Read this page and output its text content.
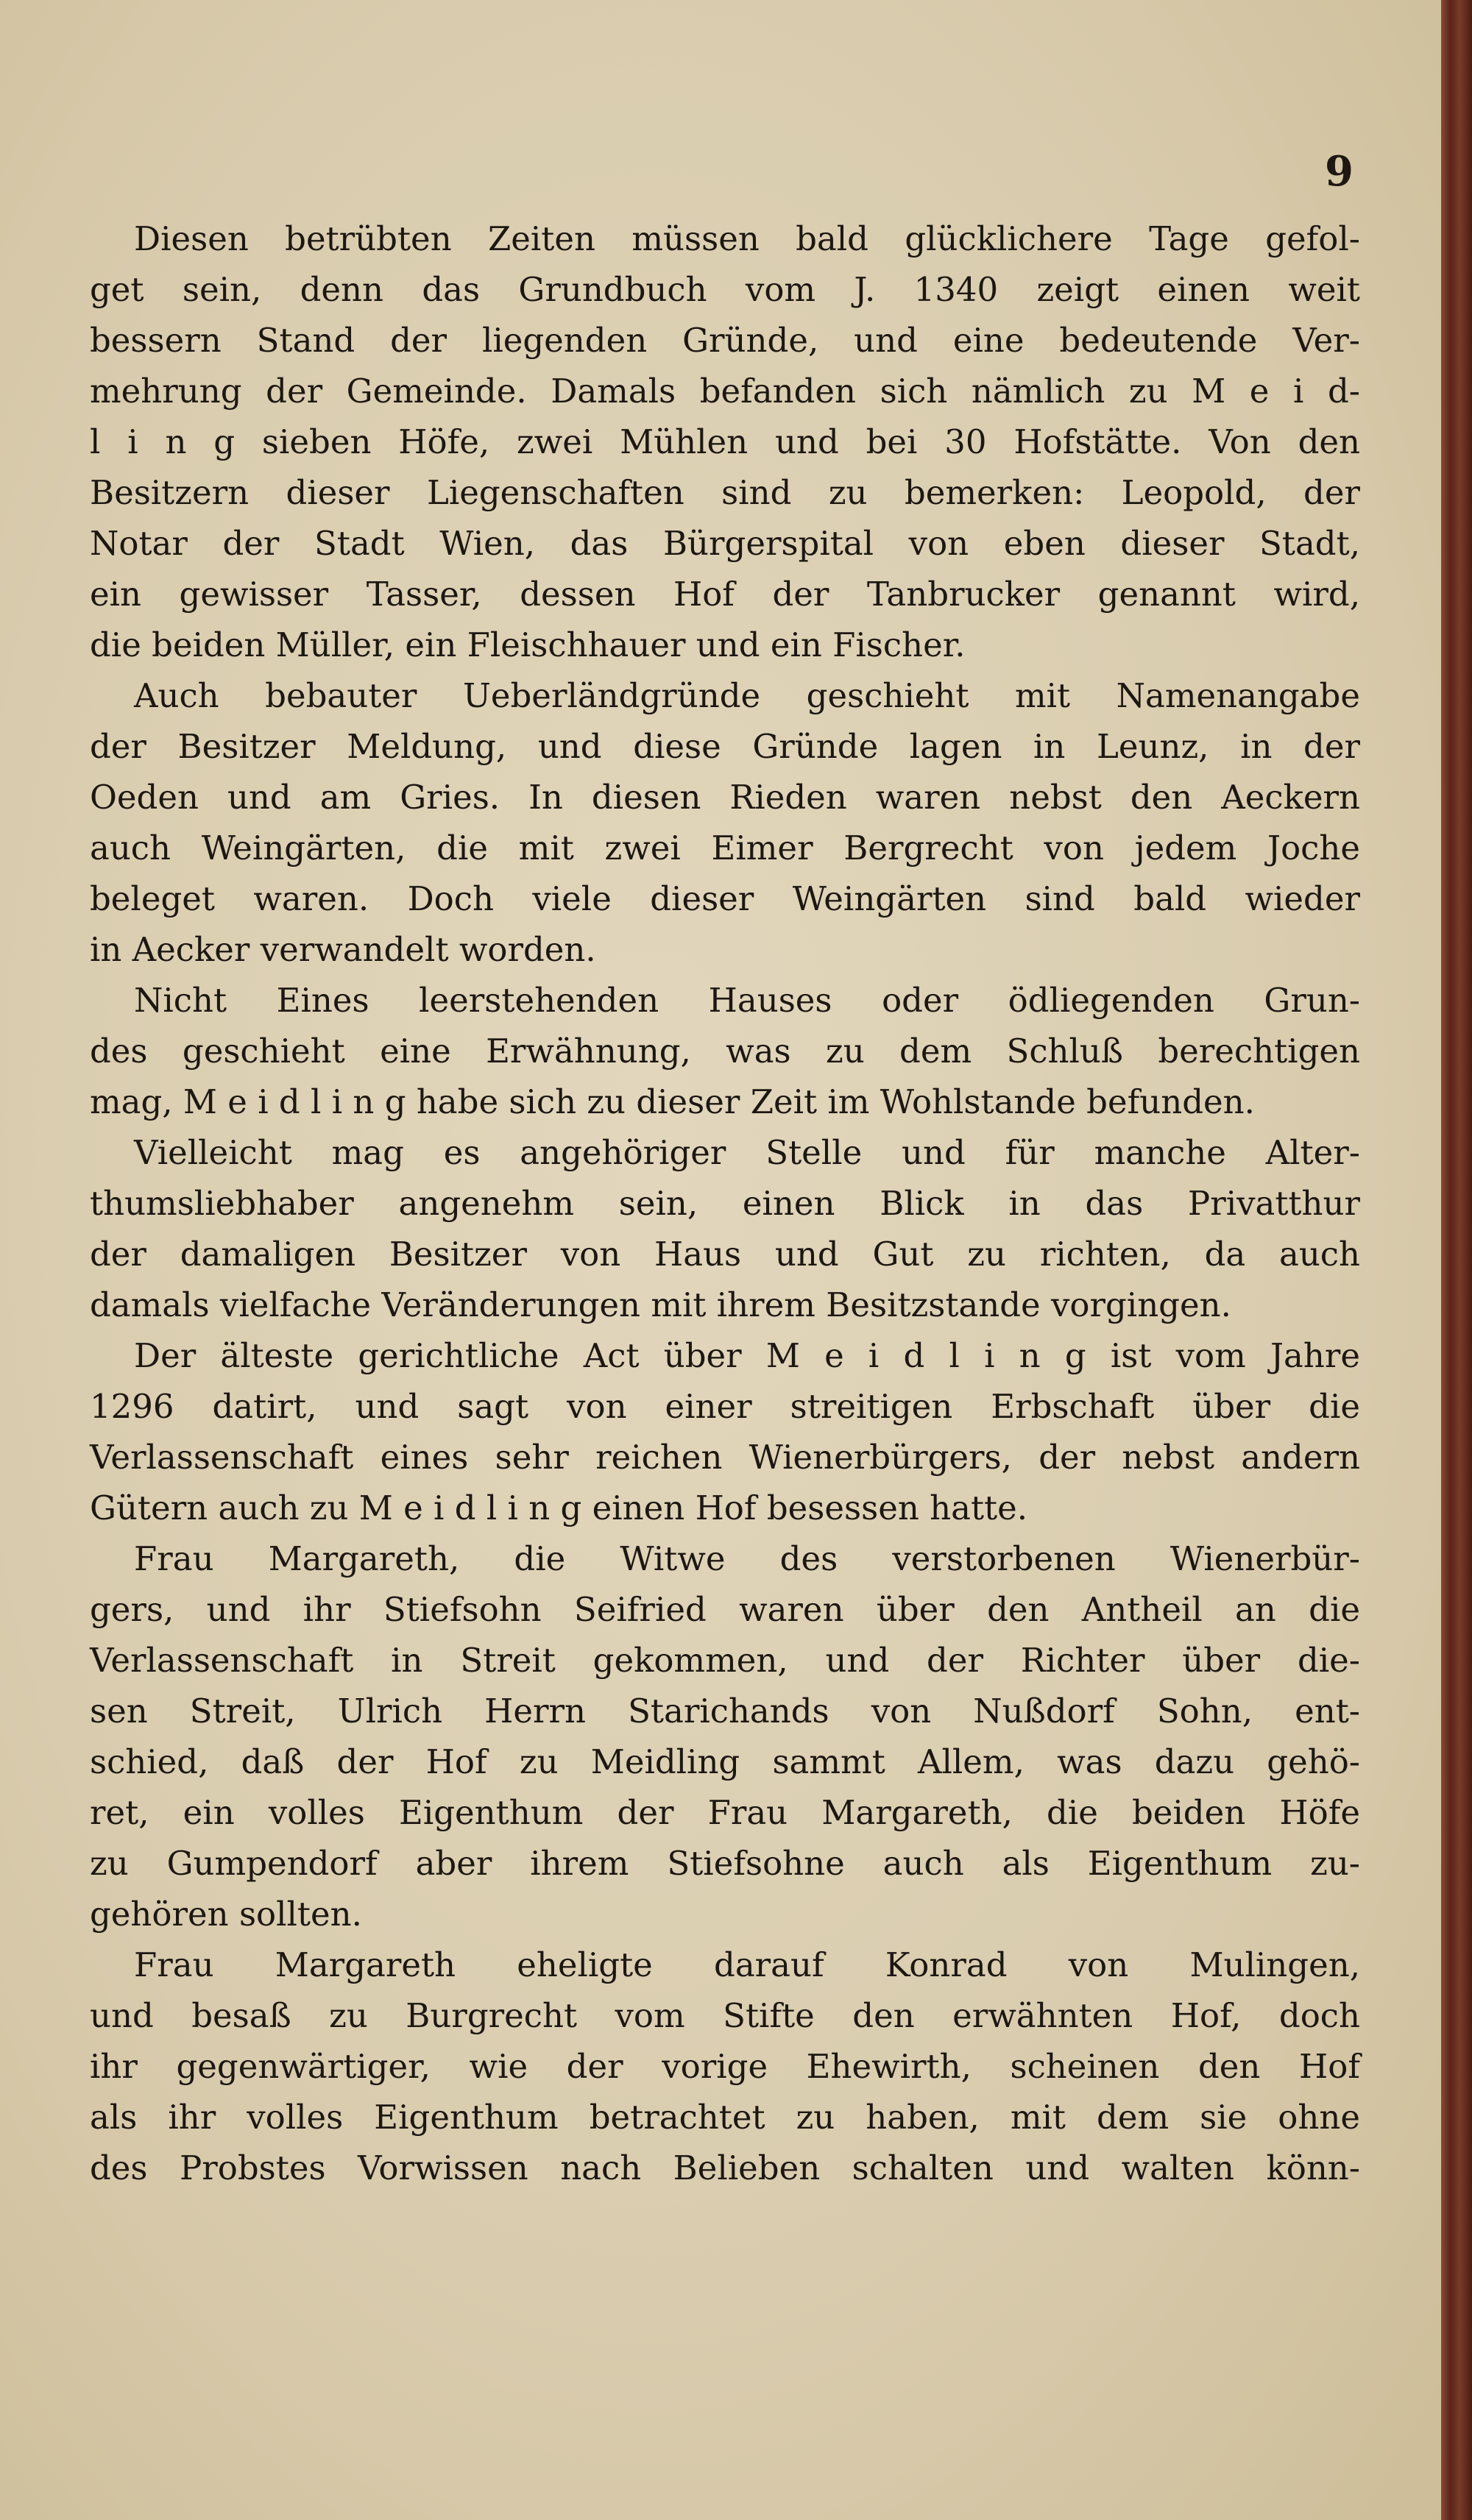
9
Diesen betrübten Zeiten müssen bald glücklichere Tage gefol-
get sein, denn das Grundbuch vom J. 1340 zeigt einen weit
bessern Stand der liegenden Gründe, und eine bedeutende Ver-
mehrung der Gemeinde. Damals befanden sich nämlich zu M e i d-
l i n g sieben Höfe, zwei Mühlen und bei 30 Hofstätte. Von den
Besitzern dieser Liegenschaften sind zu bemerken: Leopold, der
Notar der Stadt Wien, das Bürgerspital von eben dieser Stadt,
ein gewisser Tasser, dessen Hof der Tanbrucker genannt wird,
die beiden Müller, ein Fleischhauer und ein Fischer.
Auch bebauter Ueberländgründe geschieht mit Namenangabe
der Besitzer Meldung, und diese Gründe lagen in Leunz, in der
Oeden und am Gries. In diesen Rieden waren nebst den Aeckern
auch Weingärten, die mit zwei Eimer Bergrecht von jedem Joche
beleget waren. Doch viele dieser Weingärten sind bald wieder
in Aecker verwandelt worden.
Nicht Eines leerstehenden Hauses oder ödliegenden Grun-
des geschieht eine Erwähnung, was zu dem Schluß berechtigen
mag, M e i d l i n g habe sich zu dieser Zeit im Wohlstande befunden.
Vielleicht mag es angehöriger Stelle und für manche Alter-
thumsliebhaber angenehm sein, einen Blick in das Privatthur
der damaligen Besitzer von Haus und Gut zu richten, da auch
damals vielfache Veränderungen mit ihrem Besitzstande vorgingen.
Der älteste gerichtliche Act über M e i d l i n g ist vom Jahre
1296 datirt, und sagt von einer streitigen Erbschaft über die
Verlassenschaft eines sehr reichen Wienerbürgers, der nebst andern
Gütern auch zu M e i d l i n g einen Hof besessen hatte.
Frau Margareth, die Witwe des verstorbenen Wienerbür-
gers, und ihr Stiefsohn Seifried waren über den Antheil an die
Verlassenschaft in Streit gekommen, und der Richter über die-
sen Streit, Ulrich Herrn Starichands von Nußdorf Sohn, ent-
schied, daß der Hof zu Meidling sammt Allem, was dazu gehö-
ret, ein volles Eigenthum der Frau Margareth, die beiden Höfe
zu Gumpendorf aber ihrem Stiefsohne auch als Eigenthum zu-
gehören sollten.
Frau Margareth eheligte darauf Konrad von Mulingen,
und besaß zu Burgrecht vom Stifte den erwähnten Hof, doch
ihr gegenwärtiger, wie der vorige Ehewirth, scheinen den Hof
als ihr volles Eigenthum betrachtet zu haben, mit dem sie ohne
des Probstes Vorwissen nach Belieben schalten und walten könn-
